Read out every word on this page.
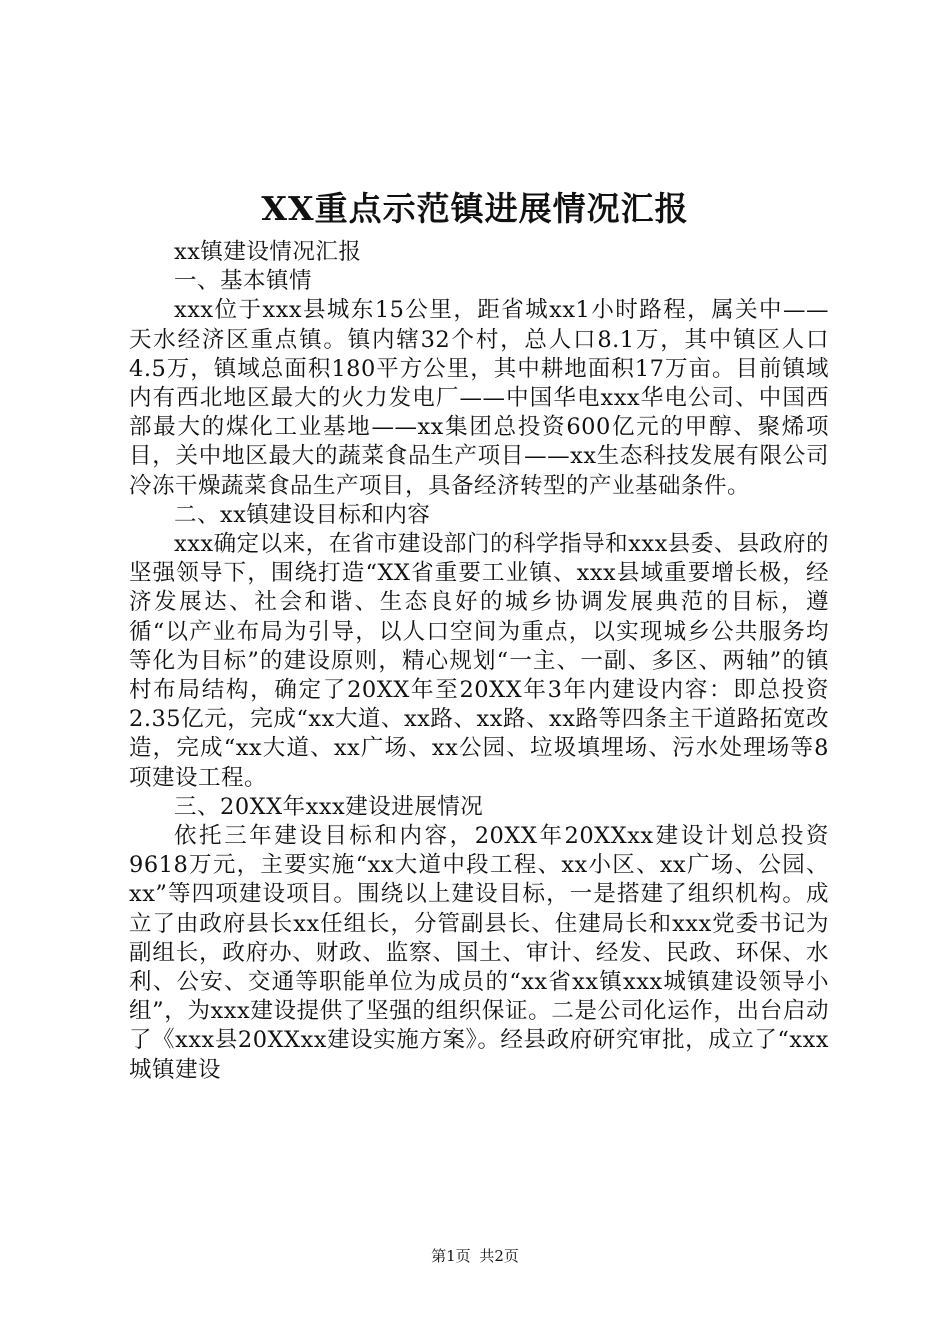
XX重点示范镇进展情况汇报

xx镇建设情况汇报

一、基本镇情

xxx位于xxx县城东15公里，距省城xx1小时路程，属关中——天水经济区重点镇。镇内辖32个村，总人口8.1万，其中镇区人口4.5万，镇域总面积180平方公里，其中耕地面积17万亩。目前镇域内有西北地区最大的火力发电厂——中国华电xxx华电公司、中国西部最大的煤化工业基地——xx集团总投资600亿元的甲醇、聚烯项目，关中地区最大的蔬菜食品生产项目——xx生态科技发展有限公司冷冻干燥蔬菜食品生产项目，具备经济转型的产业基础条件。

二、xx镇建设目标和内容

xxx确定以来，在省市建设部门的科学指导和xxx县委、县政府的坚强领导下，围绕打造“XX省重要工业镇、xxx县域重要增长极，经济发展达、社会和谐、生态良好的城乡协调发展典范的目标，遵循“以产业布局为引导，以人口空间为重点，以实现城乡公共服务均等化为目标”的建设原则，精心规划“一主、一副、多区、两轴”的镇村布局结构，确定了20XX年至20XX年3年内建设内容：即总投资2.35亿元，完成“xx大道、xx路、xx路、xx路等四条主干道路拓宽改造，完成“xx大道、xx广场、xx公园、垃圾填埋场、污水处理场等8项建设工程。

三、20XX年xxx建设进展情况

依托三年建设目标和内容，20XX年20XXxx建设计划总投资9618万元，主要实施“xx大道中段工程、xx小区、xx广场、公园、xx”等四项建设项目。围绕以上建设目标，一是搭建了组织机构。成立了由政府县长xx任组长，分管副县长、住建局长和xxx党委书记为副组长，政府办、财政、监察、国土、审计、经发、民政、环保、水利、公安、交通等职能单位为成员的“xx省xx镇xxx城镇建设领导小组”，为xxx建设提供了坚强的组织保证。二是公司化运作，出台启动了《xxx县20XXxx建设实施方案》。经县政府研究审批，成立了“xxx城镇建设

第1页 共2页
